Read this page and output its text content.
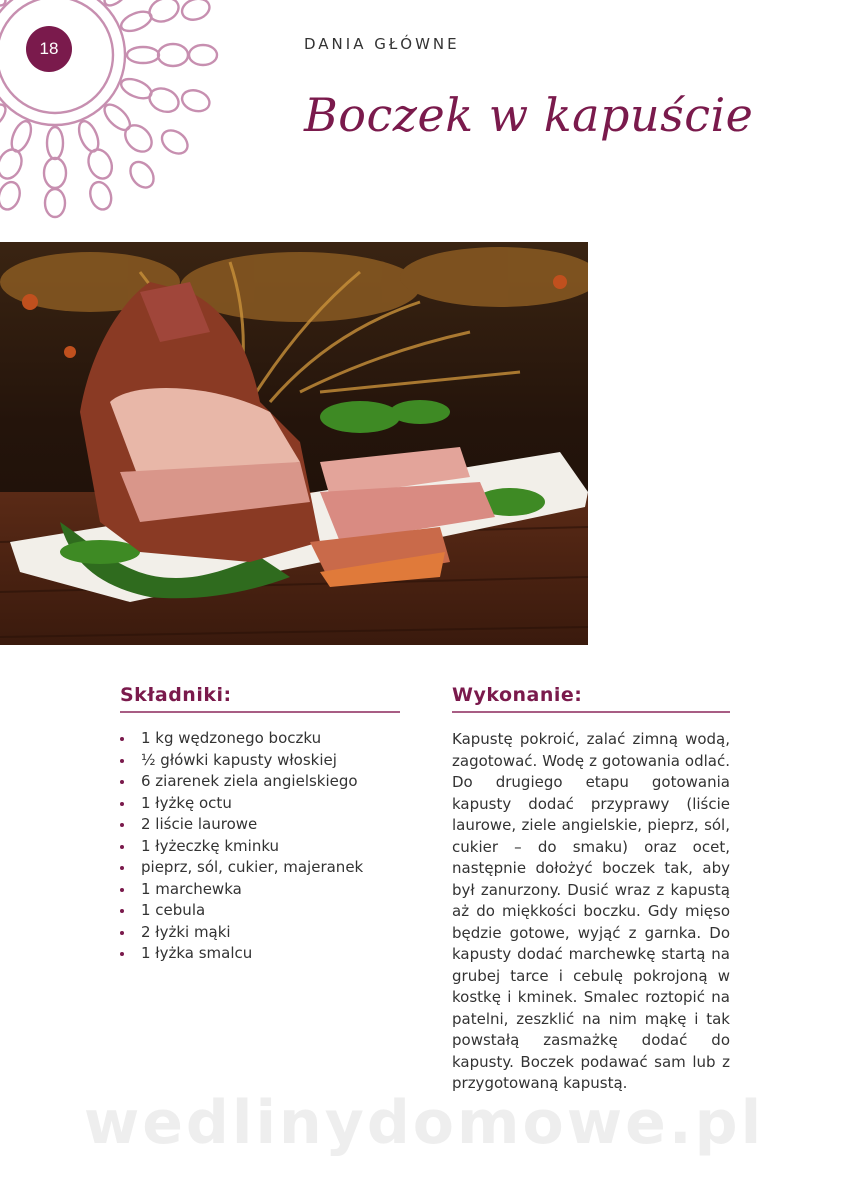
18	DANIA GŁÓWNE
Boczek w kapuście
Składniki:
1 kg wędzonego boczku
½ główki kapusty włoskiej
6 ziarenek ziela angielskiego
1 łyżkę octu
2 liście laurowe
1 łyżeczkę kminku
pieprz, sól, cukier, majeranek
1 marchewka
1 cebula
2 łyżki mąki
1 łyżka smalcu
Wykonanie:

Kapustę pokroić, zalać zimną wodą, zagotować. Wodę z gotowania odlać. Do drugiego etapu gotowania kapusty dodać przyprawy (liście laurowe, ziele angielskie, pieprz, sól, cukier – do smaku) oraz ocet, następnie dołożyć boczek tak, aby był zanurzony. Dusić wraz z kapustą aż do miękkości boczku. Gdy mięso będzie gotowe, wyjąć z garnka. Do kapusty dodać marchewkę startą na grubej tarce i cebulę pokrojoną w kostkę i kminek. Smalec roztopić na patelni, zeszklić na nim mąkę i tak powstałą zasmażkę dodać do kapusty. Boczek podawać sam lub z przygotowaną kapustą.

wedlinydomowe.pl
